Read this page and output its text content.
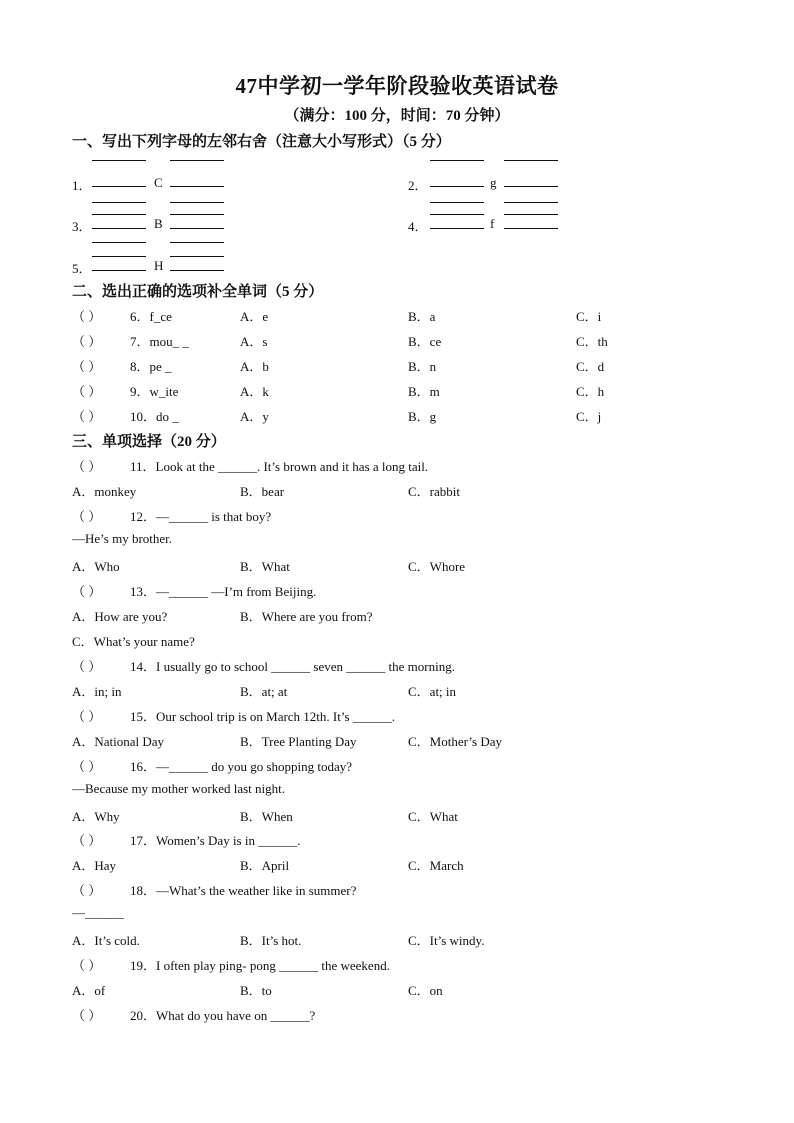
47中学初一学年阶段验收英语试卷
（满分：100 分，时间：70 分钟）
一、写出下列字母的左邻右舍（注意大小写形式）（5 分）
1．	C	2．	g
3．	B	4．	f
5．	H
二、选出正确的选项补全单词（5 分）
（ ） 6．f_ce	A．e	B．a	C．i
（ ） 7．mou_ _	A．s	B．ce	C．th
（ ） 8．pe _	A．b	B．n	C．d
（ ） 9．w_ite	A．k	B．m	C．h
（ ） 10．do _	A．y	B．g	C．j
三、单项选择（20 分）
（ ） 11．Look at the ______. It’s brown and it has a long tail.
A．monkey	B．bear	C．rabbit
（ ） 12．—______ is that boy?
—He’s my brother.
A．Who	B．What	C．Whore
（ ） 13．—______ —I’m from Beijing.
A．How are you?	B．Where are you from?
C．What’s your name?
（ ） 14．I usually go to school ______ seven ______ the morning.
A．in; in	B．at; at	C．at; in
（ ） 15．Our school trip is on March 12th. It’s ______.
A．National Day	B．Tree Planting Day	C．Mother’s Day
（ ） 16．—______ do you go shopping today?
—Because my mother worked last night.
A．Why	B．When	C．What
（ ） 17．Women’s Day is in ______.
A．Hay	B．April	C．March
（ ） 18．—What’s the weather like in summer?
—______
A．It’s cold.	B．It’s hot.	C．It’s windy.
（ ） 19．I often play ping- pong ______ the weekend.
A．of	B．to	C．on
（ ） 20．What do you have on ______?
